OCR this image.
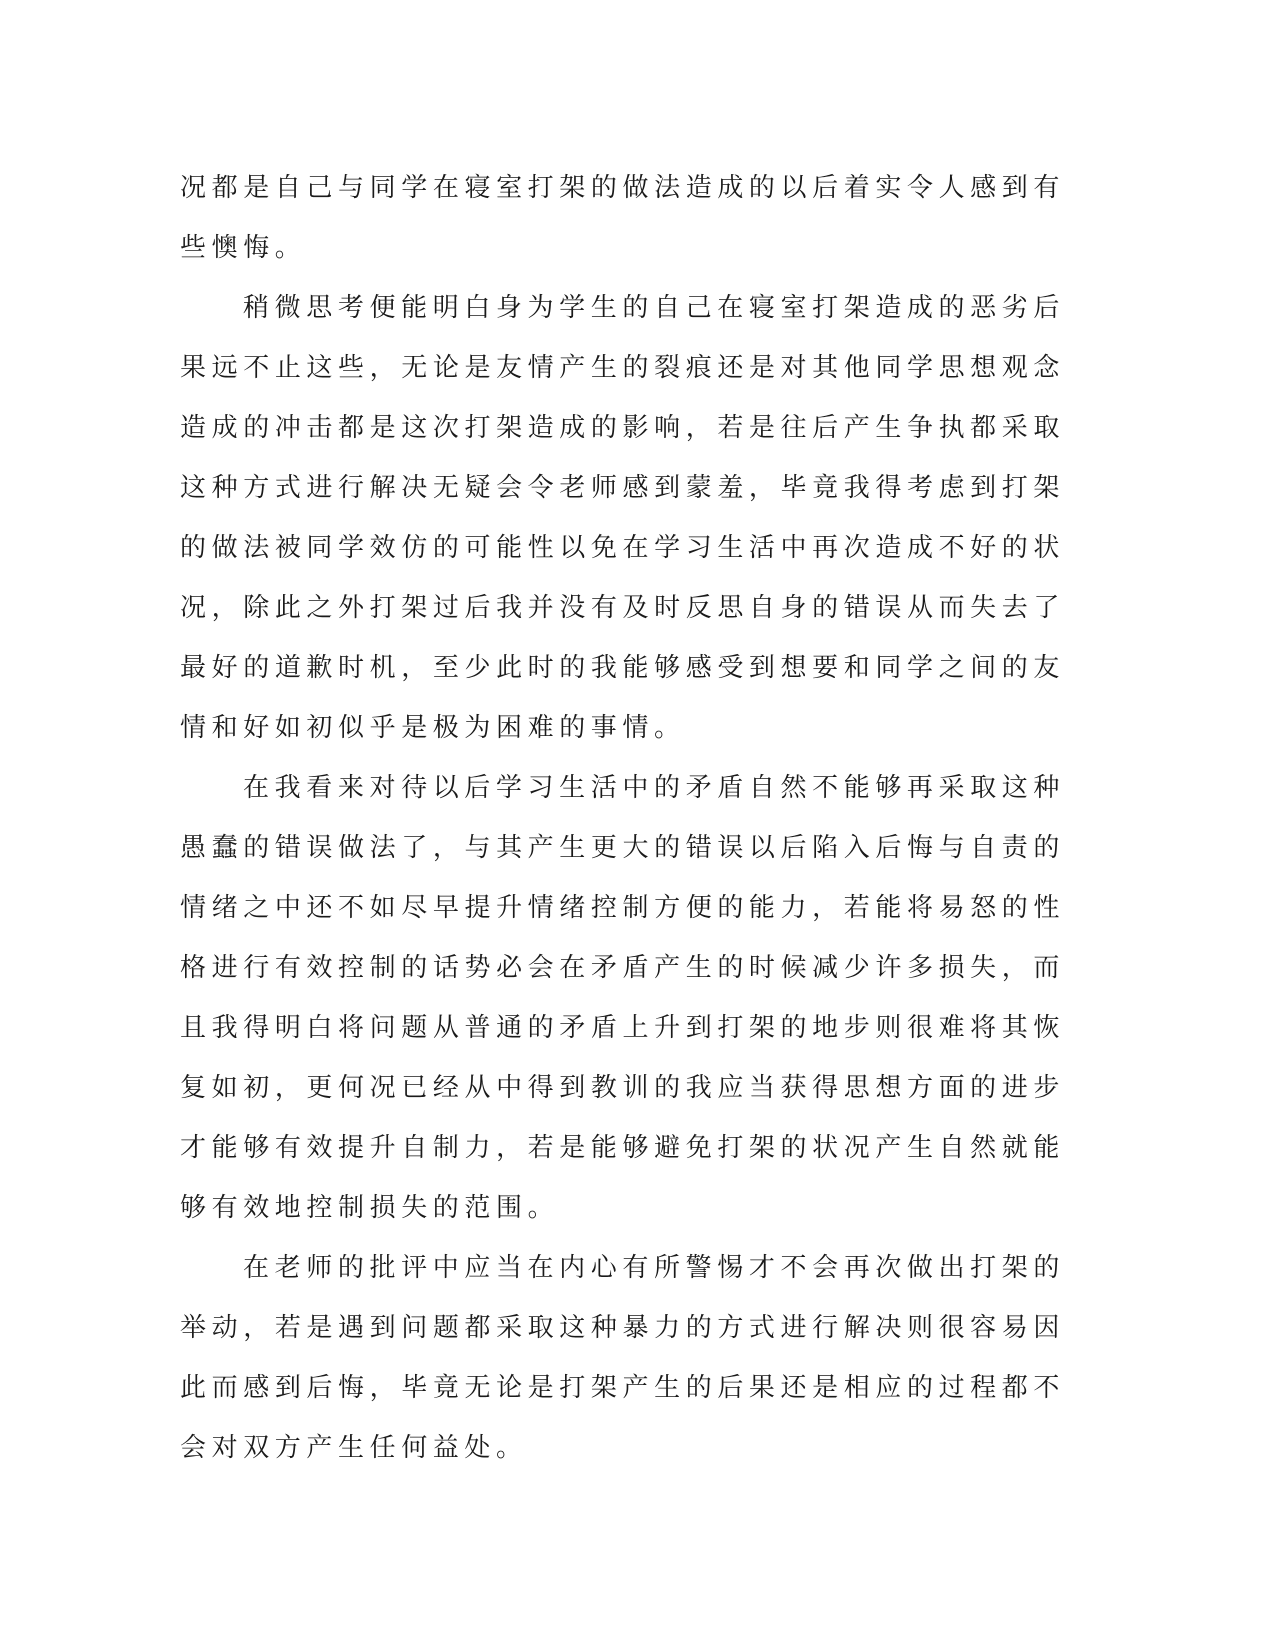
况都是自己与同学在寝室打架的做法造成的以后着实令人感到有些懊悔。

稍微思考便能明白身为学生的自己在寝室打架造成的恶劣后果远不止这些，无论是友情产生的裂痕还是对其他同学思想观念造成的冲击都是这次打架造成的影响，若是往后产生争执都采取这种方式进行解决无疑会令老师感到蒙羞，毕竟我得考虑到打架的做法被同学效仿的可能性以免在学习生活中再次造成不好的状况，除此之外打架过后我并没有及时反思自身的错误从而失去了最好的道歉时机，至少此时的我能够感受到想要和同学之间的友情和好如初似乎是极为困难的事情。

在我看来对待以后学习生活中的矛盾自然不能够再采取这种愚蠢的错误做法了，与其产生更大的错误以后陷入后悔与自责的情绪之中还不如尽早提升情绪控制方便的能力，若能将易怒的性格进行有效控制的话势必会在矛盾产生的时候减少许多损失，而且我得明白将问题从普通的矛盾上升到打架的地步则很难将其恢复如初，更何况已经从中得到教训的我应当获得思想方面的进步才能够有效提升自制力，若是能够避免打架的状况产生自然就能够有效地控制损失的范围。

在老师的批评中应当在内心有所警惕才不会再次做出打架的举动，若是遇到问题都采取这种暴力的方式进行解决则很容易因此而感到后悔，毕竟无论是打架产生的后果还是相应的过程都不会对双方产生任何益处。
